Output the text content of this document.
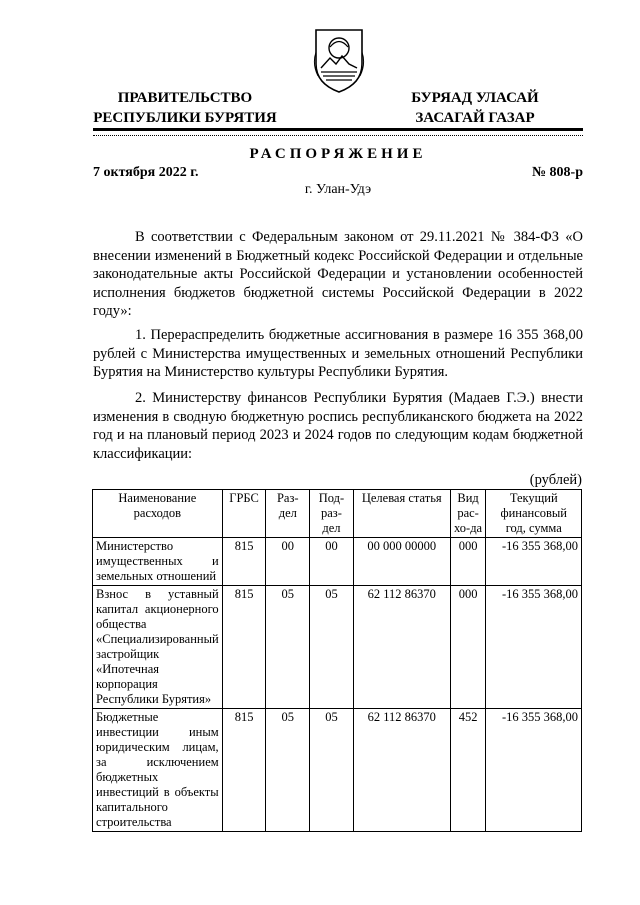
ПРАВИТЕЛЬСТВО
РЕСПУБЛИКИ БУРЯТИЯ
БУРЯАД УЛАСАЙ
ЗАСАГАЙ ГАЗАР
РАСПОРЯЖЕНИЕ
7 октября 2022 г.	№ 808-р
г. Улан-Удэ
В соответствии с Федеральным законом от 29.11.2021 № 384-ФЗ «О внесении изменений в Бюджетный кодекс Российской Федерации и отдельные законодательные акты Российской Федерации и установлении особенностей исполнения бюджетов бюджетной системы Российской Федерации в 2022 году»:
1. Перераспределить бюджетные ассигнования в размере 16 355 368,00 рублей с Министерства имущественных и земельных отношений Республики Бурятия на Министерство культуры Республики Бурятия.
2. Министерству финансов Республики Бурятия (Мадаев Г.Э.) внести изменения в сводную бюджетную роспись республиканского бюджета на 2022 год и на плановый период 2023 и 2024 годов по следующим кодам бюджетной классификации:
(рублей)
Наименование расходов	ГРБС	Раз-дел	Под-раз-дел	Целевая статья	Вид рас-хо-да	Текущий финансовый год, сумма
Министерство имущественных и земельных отношений	815	00	00	00 000 00000	000	-16 355 368,00
Взнос в уставный капитал акционерного общества «Специализированный застройщик «Ипотечная корпорация Республики Бурятия»	815	05	05	62 112 86370	000	-16 355 368,00
Бюджетные инвестиции иным юридическим лицам, за исключением бюджетных инвестиций в объекты капитального строительства	815	05	05	62 112 86370	452	-16 355 368,00
